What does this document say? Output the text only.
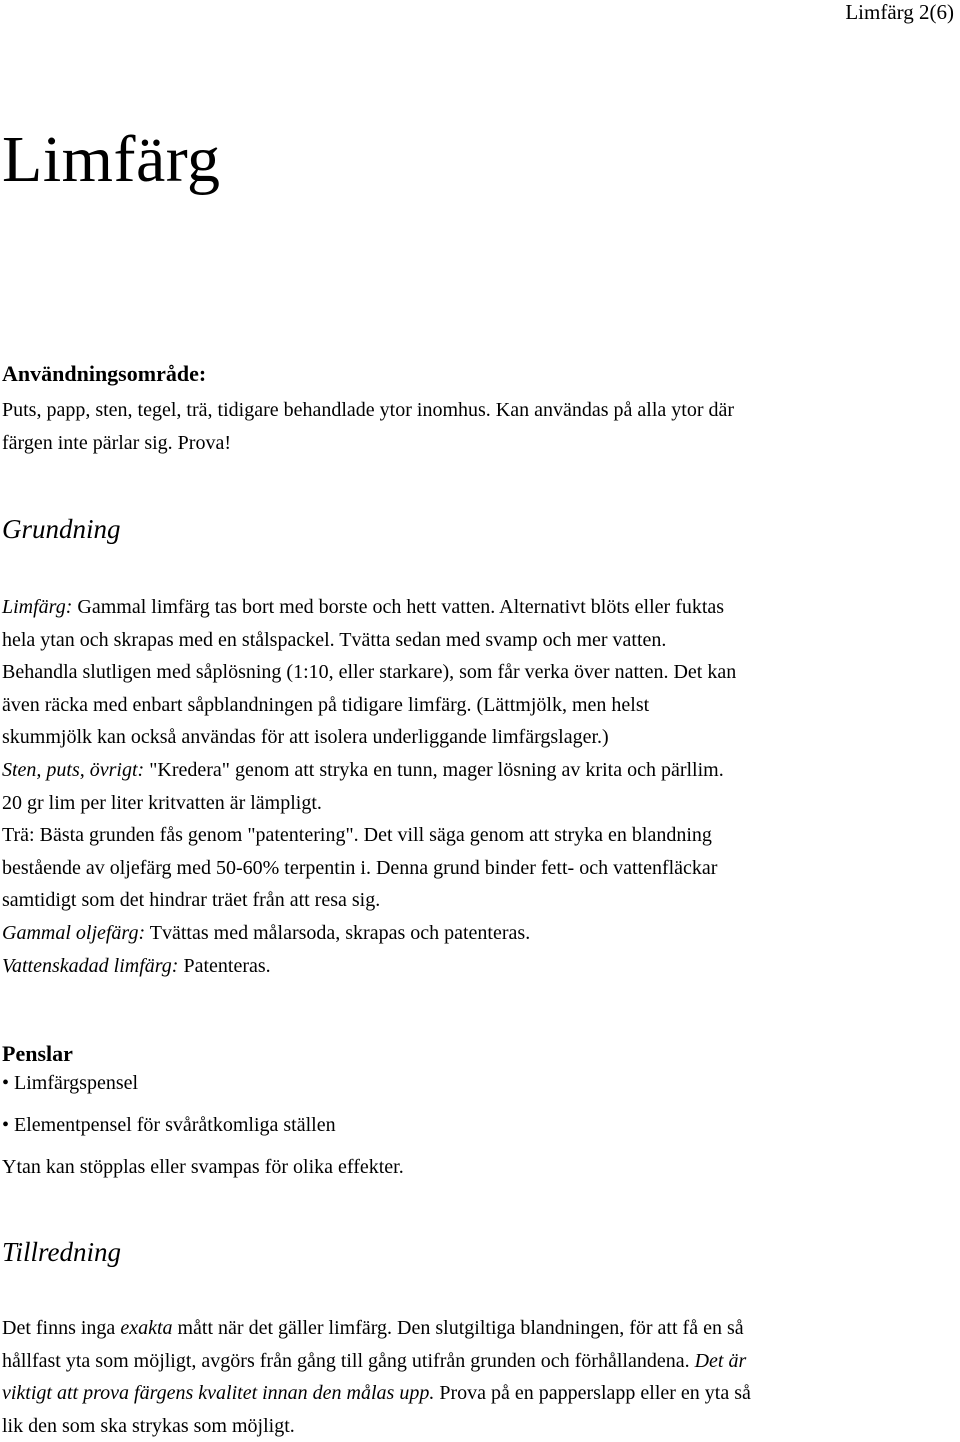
Limfärg 2(6)
Limfärg
Användningsområde:
Puts, papp, sten, tegel, trä, tidigare behandlade ytor inomhus. Kan användas på alla ytor där
färgen inte pärlar sig. Prova!
Grundning
Limfärg: Gammal limfärg tas bort med borste och hett vatten. Alternativt blöts eller fuktas
hela ytan och skrapas med en stålspackel. Tvätta sedan med svamp och mer vatten.
Behandla slutligen med såplösning (1:10, eller starkare), som får verka över natten. Det kan
även räcka med enbart såpblandningen på tidigare limfärg. (Lättmjölk, men helst
skummjölk kan också användas för att isolera underliggande limfärgslager.)
Sten, puts, övrigt: "Kredera" genom att stryka en tunn, mager lösning av krita och pärllim.
20 gr lim per liter kritvatten är lämpligt.
Trä: Bästa grunden fås genom "patentering". Det vill säga genom att stryka en blandning
bestående av oljefärg med 50-60% terpentin i. Denna grund binder fett- och vattenfläckar
samtidigt som det hindrar träet från att resa sig.
Gammal oljefärg: Tvättas med målarsoda, skrapas och patenteras.
Vattenskadad limfärg: Patenteras.
Penslar
• Limfärgspensel
• Elementpensel för svåråtkomliga ställen
Ytan kan stöpplas eller svampas för olika effekter.
Tillredning
Det finns inga exakta mått när det gäller limfärg. Den slutgiltiga blandningen, för att få en så
hållfast yta som möjligt, avgörs från gång till gång utifrån grunden och förhållandena. Det är
viktigt att prova färgens kvalitet innan den målas upp. Prova på en papperslapp eller en yta så
lik den som ska strykas som möjligt.
